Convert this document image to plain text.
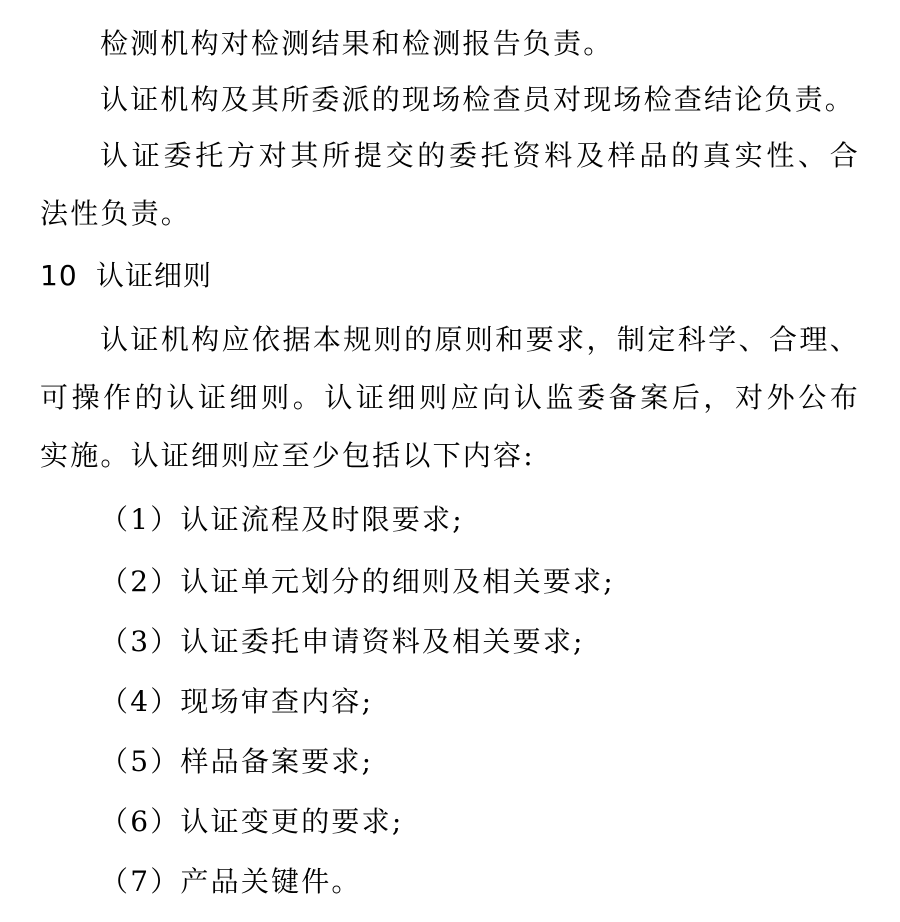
检测机构对检测结果和检测报告负责。
认证机构及其所委派的现场检查员对现场检查结论负责。
认证委托方对其所提交的委托资料及样品的真实性、合
法性负责。
10 认证细则
认证机构应依据本规则的原则和要求，制定科学、合理、
可操作的认证细则。认证细则应向认监委备案后，对外公布
实施。认证细则应至少包括以下内容:
（1）认证流程及时限要求;
（2）认证单元划分的细则及相关要求;
（3）认证委托申请资料及相关要求;
（4）现场审查内容;
（5）样品备案要求;
（6）认证变更的要求;
（7）产品关键件。
